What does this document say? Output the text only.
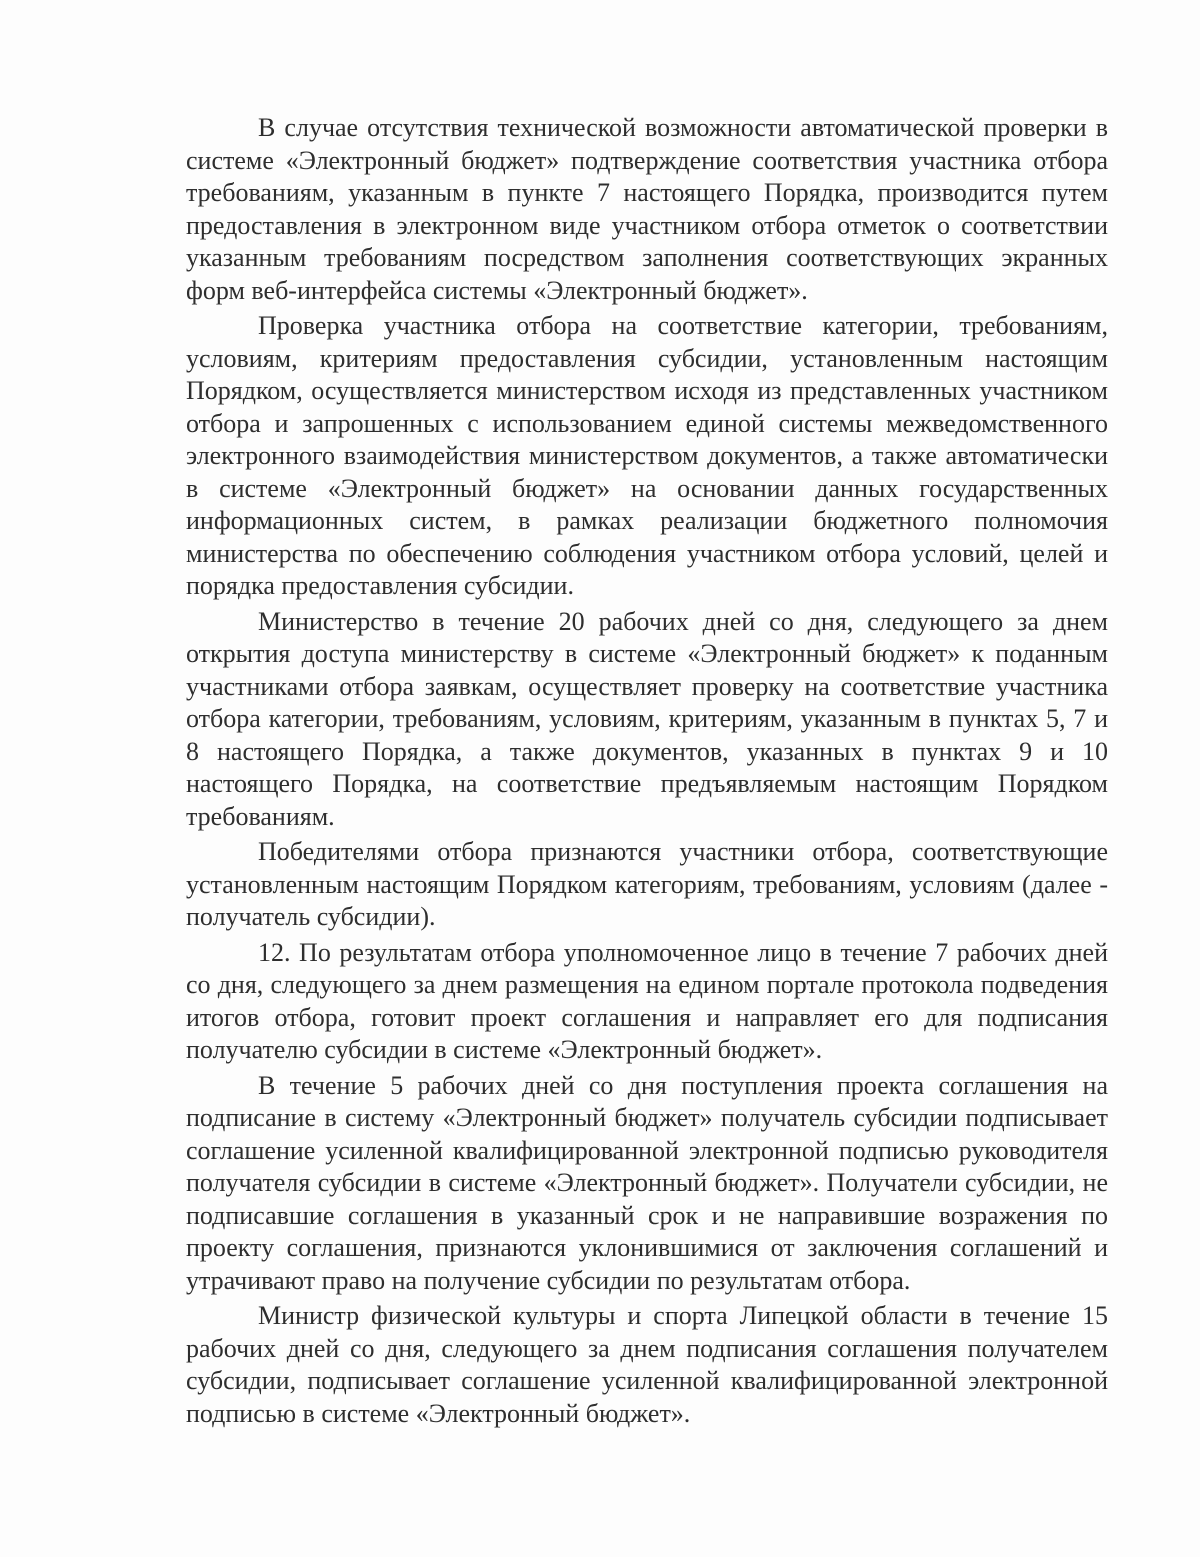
В случае отсутствия технической возможности автоматической проверки в системе «Электронный бюджет» подтверждение соответствия участника отбора требованиям, указанным в пункте 7 настоящего Порядка, производится путем предоставления в электронном виде участником отбора отметок о соответствии указанным требованиям посредством заполнения соответствующих экранных форм веб-интерфейса системы «Электронный бюджет».

Проверка участника отбора на соответствие категории, требованиям, условиям, критериям предоставления субсидии, установленным настоящим Порядком, осуществляется министерством исходя из представленных участником отбора и запрошенных с использованием единой системы межведомственного электронного взаимодействия министерством документов, а также автоматически в системе «Электронный бюджет» на основании данных государственных информационных систем, в рамках реализации бюджетного полномочия министерства по обеспечению соблюдения участником отбора условий, целей и порядка предоставления субсидии.

Министерство в течение 20 рабочих дней со дня, следующего за днем открытия доступа министерству в системе «Электронный бюджет» к поданным участниками отбора заявкам, осуществляет проверку на соответствие участника отбора категории, требованиям, условиям, критериям, указанным в пунктах 5, 7 и 8 настоящего Порядка, а также документов, указанных в пунктах 9 и 10 настоящего Порядка, на соответствие предъявляемым настоящим Порядком требованиям.

Победителями отбора признаются участники отбора, соответствующие установленным настоящим Порядком категориям, требованиям, условиям (далее - получатель субсидии).

12. По результатам отбора уполномоченное лицо в течение 7 рабочих дней со дня, следующего за днем размещения на едином портале протокола подведения итогов отбора, готовит проект соглашения и направляет его для подписания получателю субсидии в системе «Электронный бюджет».

В течение 5 рабочих дней со дня поступления проекта соглашения на подписание в систему «Электронный бюджет» получатель субсидии подписывает соглашение усиленной квалифицированной электронной подписью руководителя получателя субсидии в системе «Электронный бюджет». Получатели субсидии, не подписавшие соглашения в указанный срок и не направившие возражения по проекту соглашения, признаются уклонившимися от заключения соглашений и утрачивают право на получение субсидии по результатам отбора.

Министр физической культуры и спорта Липецкой области в течение 15 рабочих дней со дня, следующего за днем подписания соглашения получателем субсидии, подписывает соглашение усиленной квалифицированной электронной подписью в системе «Электронный бюджет».
